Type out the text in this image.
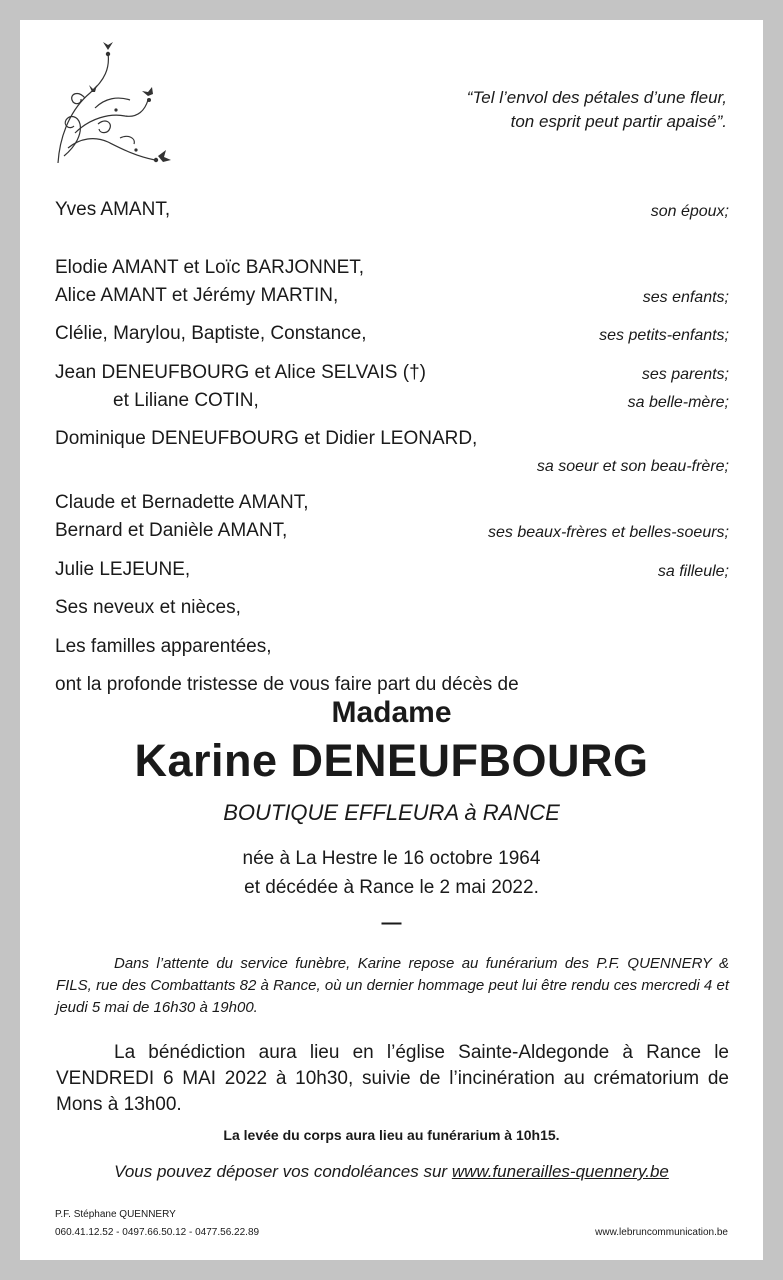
“Tel l’envol des pétales d’une fleur,
ton esprit peut partir apaisé”.
Yves AMANT,	son époux;
Elodie AMANT et Loïc BARJONNET,
Alice AMANT et Jérémy MARTIN,	ses enfants;
Clélie, Marylou, Baptiste, Constance,	ses petits-enfants;
Jean DENEUFBOURG et Alice SELVAIS (†)	ses parents;
et Liliane COTIN,	sa belle-mère;
Dominique DENEUFBOURG et Didier LEONARD,
sa soeur et son beau-frère;
Claude et Bernadette AMANT,
Bernard et Danièle AMANT,	ses beaux-frères et belles-soeurs;
Julie LEJEUNE,	sa filleule;
Ses neveux et nièces,
Les familles apparentées,
ont la profonde tristesse de vous faire part du décès de
Madame
Karine DENEUFBOURG
BOUTIQUE EFFLEURA à RANCE
née à La Hestre le 16 octobre 1964
et décédée à Rance le 2 mai 2022.
—
Dans l’attente du service funèbre, Karine repose au funérarium des P.F. QUENNERY & FILS, rue des Combattants 82 à Rance, où un dernier hommage peut lui être rendu ces mercredi 4 et jeudi 5 mai de 16h30 à 19h00.
La bénédiction aura lieu en l’église Sainte-Aldegonde à Rance le VENDREDI 6 MAI 2022 à 10h30, suivie de l’incinération au crématorium de Mons à 13h00.
La levée du corps aura lieu au funérarium à 10h15.
Vous pouvez déposer vos condoléances sur www.funerailles-quennery.be
P.F. Stéphane QUENNERY
060.41.12.52 - 0497.66.50.12 - 0477.56.22.89	www.lebruncommunication.be
